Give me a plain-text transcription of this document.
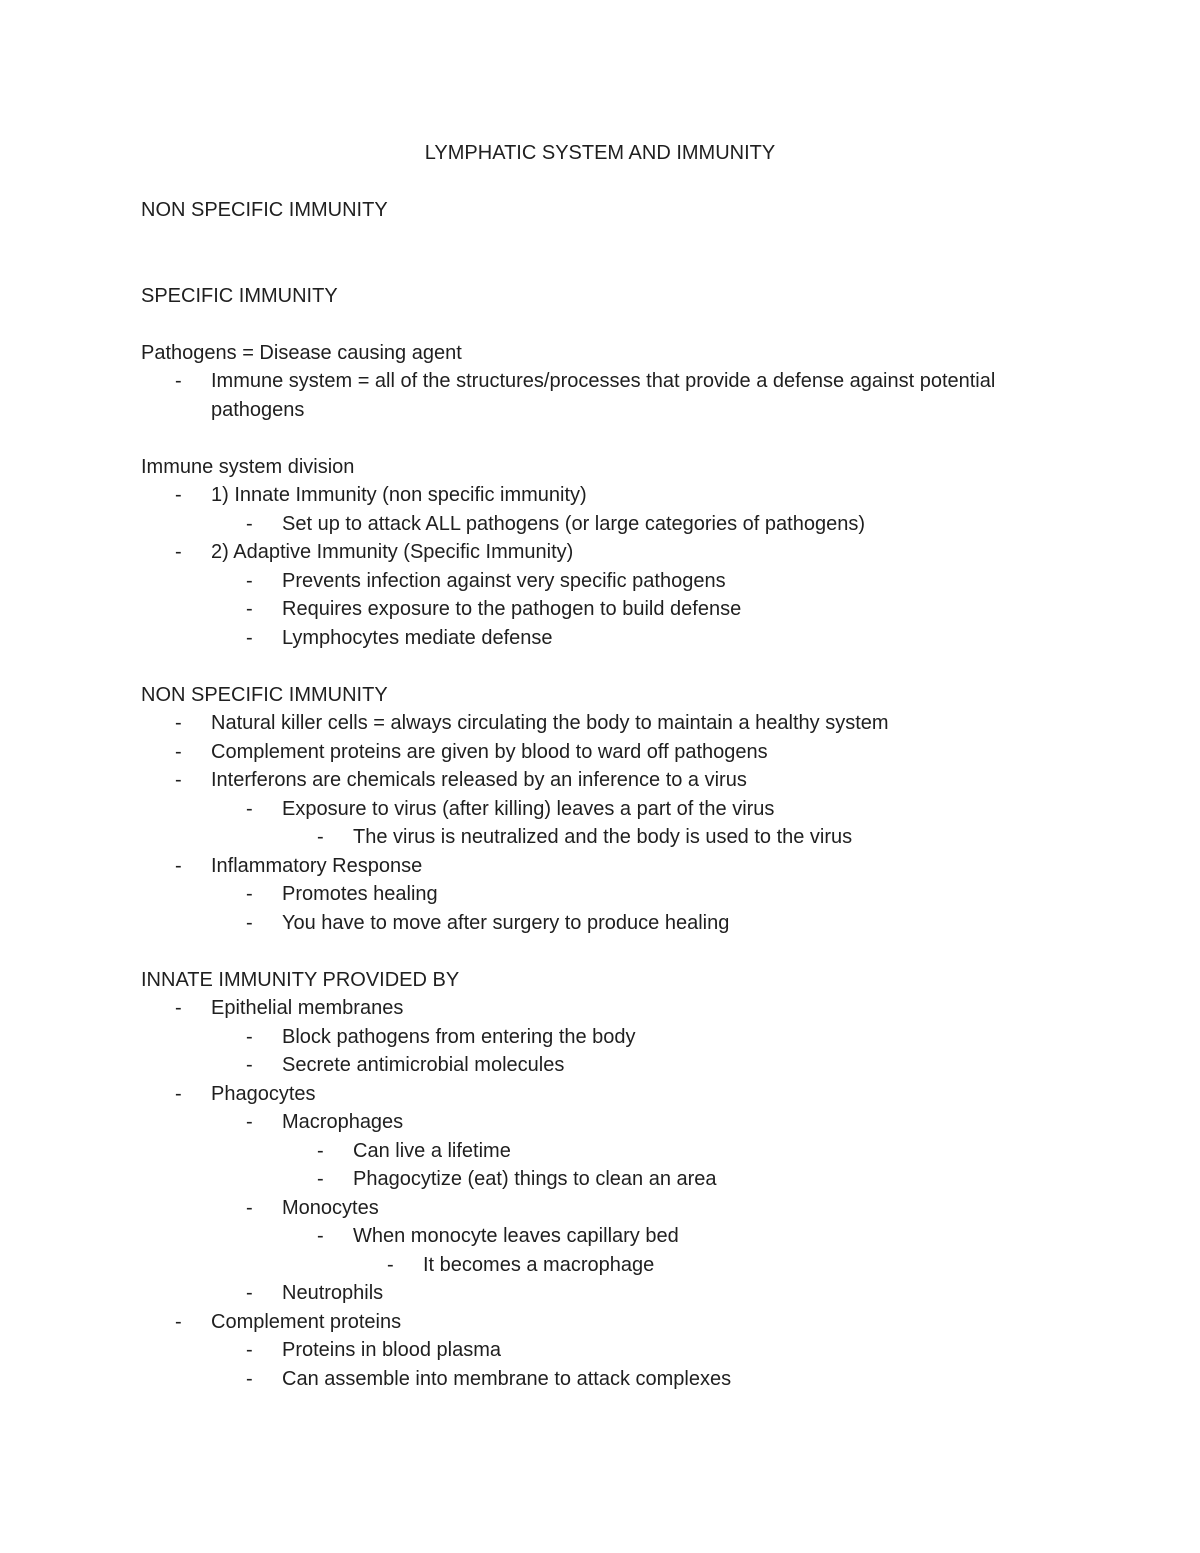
LYMPHATIC SYSTEM AND IMMUNITY

NON SPECIFIC IMMUNITY

SPECIFIC IMMUNITY

Pathogens = Disease causing agent

- Immune system = all of the structures/processes that provide a defense against potential pathogens

Immune system division

- 1) Innate Immunity (non specific immunity)
- Set up to attack ALL pathogens (or large categories of pathogens)
- 2) Adaptive Immunity (Specific Immunity)
- Prevents infection against very specific pathogens
- Requires exposure to the pathogen to build defense
- Lymphocytes mediate defense

NON SPECIFIC IMMUNITY

- Natural killer cells = always circulating the body to maintain a healthy system
- Complement proteins are given by blood to ward off pathogens
- Interferons are chemicals released by an inference to a virus
- Exposure to virus (after killing) leaves a part of the virus
- The virus is neutralized and the body is used to the virus
- Inflammatory Response
- Promotes healing
- You have to move after surgery to produce healing

INNATE IMMUNITY PROVIDED BY

- Epithelial membranes
- Block pathogens from entering the body
- Secrete antimicrobial molecules
- Phagocytes
- Macrophages
- Can live a lifetime
- Phagocytize (eat) things to clean an area
- Monocytes
- When monocyte leaves capillary bed
- It becomes a macrophage
- Neutrophils
- Complement proteins
- Proteins in blood plasma
- Can assemble into membrane to attack complexes
